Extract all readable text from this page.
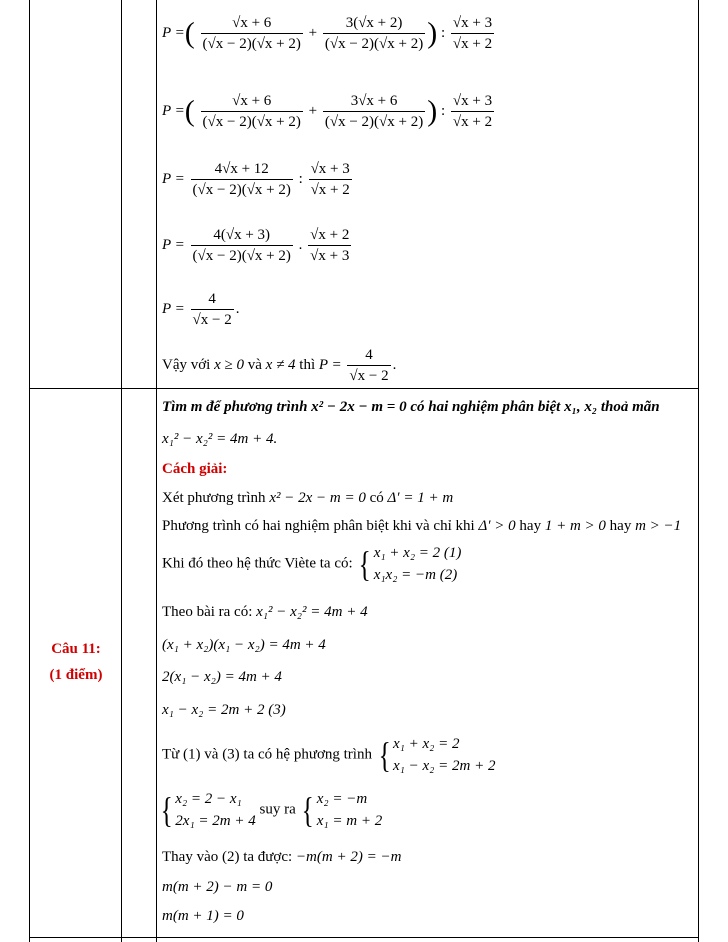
Câu 11:
(1 điểm)
P =( $\frac{√x + 6}{(√x - 2)(√x + 2)} + \frac{3(√x + 2)}{(√x - 2)(√x + 2)}$ ) : $\frac{√x + 3}{√x + 2}$
P =( $\frac{√x + 6}{(√x - 2)(√x + 2)} + \frac{3√x + 6}{(√x - 2)(√x + 2)}$ ) : $\frac{√x + 3}{√x + 2}$
$P = \frac{4√x + 12}{(√x - 2)(√x + 2)}$ : $\frac{√x + 3}{√x + 2}$
$P = \frac{4(√x + 3)}{(√x - 2)(√x + 2)}$ . $\frac{√x + 2}{√x + 3}$
$P = \frac{4}{√x - 2}$ .
Vậy với x ≥ 0 và x ≠ 4 thì $P = \frac{4}{√x - 2}$ .
Tìm m để phương trình x² − 2x − m = 0 có hai nghiệm phân biệt x₁, x₂ thoả mãn
x₁² − x₂² = 4m + 4.
Cách giải:
Xét phương trình x² − 2x − m = 0 có Δ′ = 1 + m
Phương trình có hai nghiệm phân biệt khi và chỉ khi Δ′ > 0 hay 1 + m > 0 hay m > −1
Khi đó theo hệ thức Viète ta có: { x₁ + x₂ = 2 (1)
x₁x₂ = −m (2)
Theo bài ra có: x₁² − x₂² = 4m + 4
(x₁ + x₂)(x₁ − x₂) = 4m + 4
2(x₁ − x₂) = 4m + 4
x₁ − x₂ = 2m + 2 (3)
Từ (1) và (3) ta có hệ phương trình { x₁ + x₂ = 2
x₁ − x₂ = 2m + 2
{ x₂ = 2 − x₁
2x₁ = 2m + 4
suy ra { x₂ = −m
x₁ = m + 2
Thay vào (2) ta được: −m(m + 2) = −m
m(m + 2) − m = 0
m(m + 1) = 0
